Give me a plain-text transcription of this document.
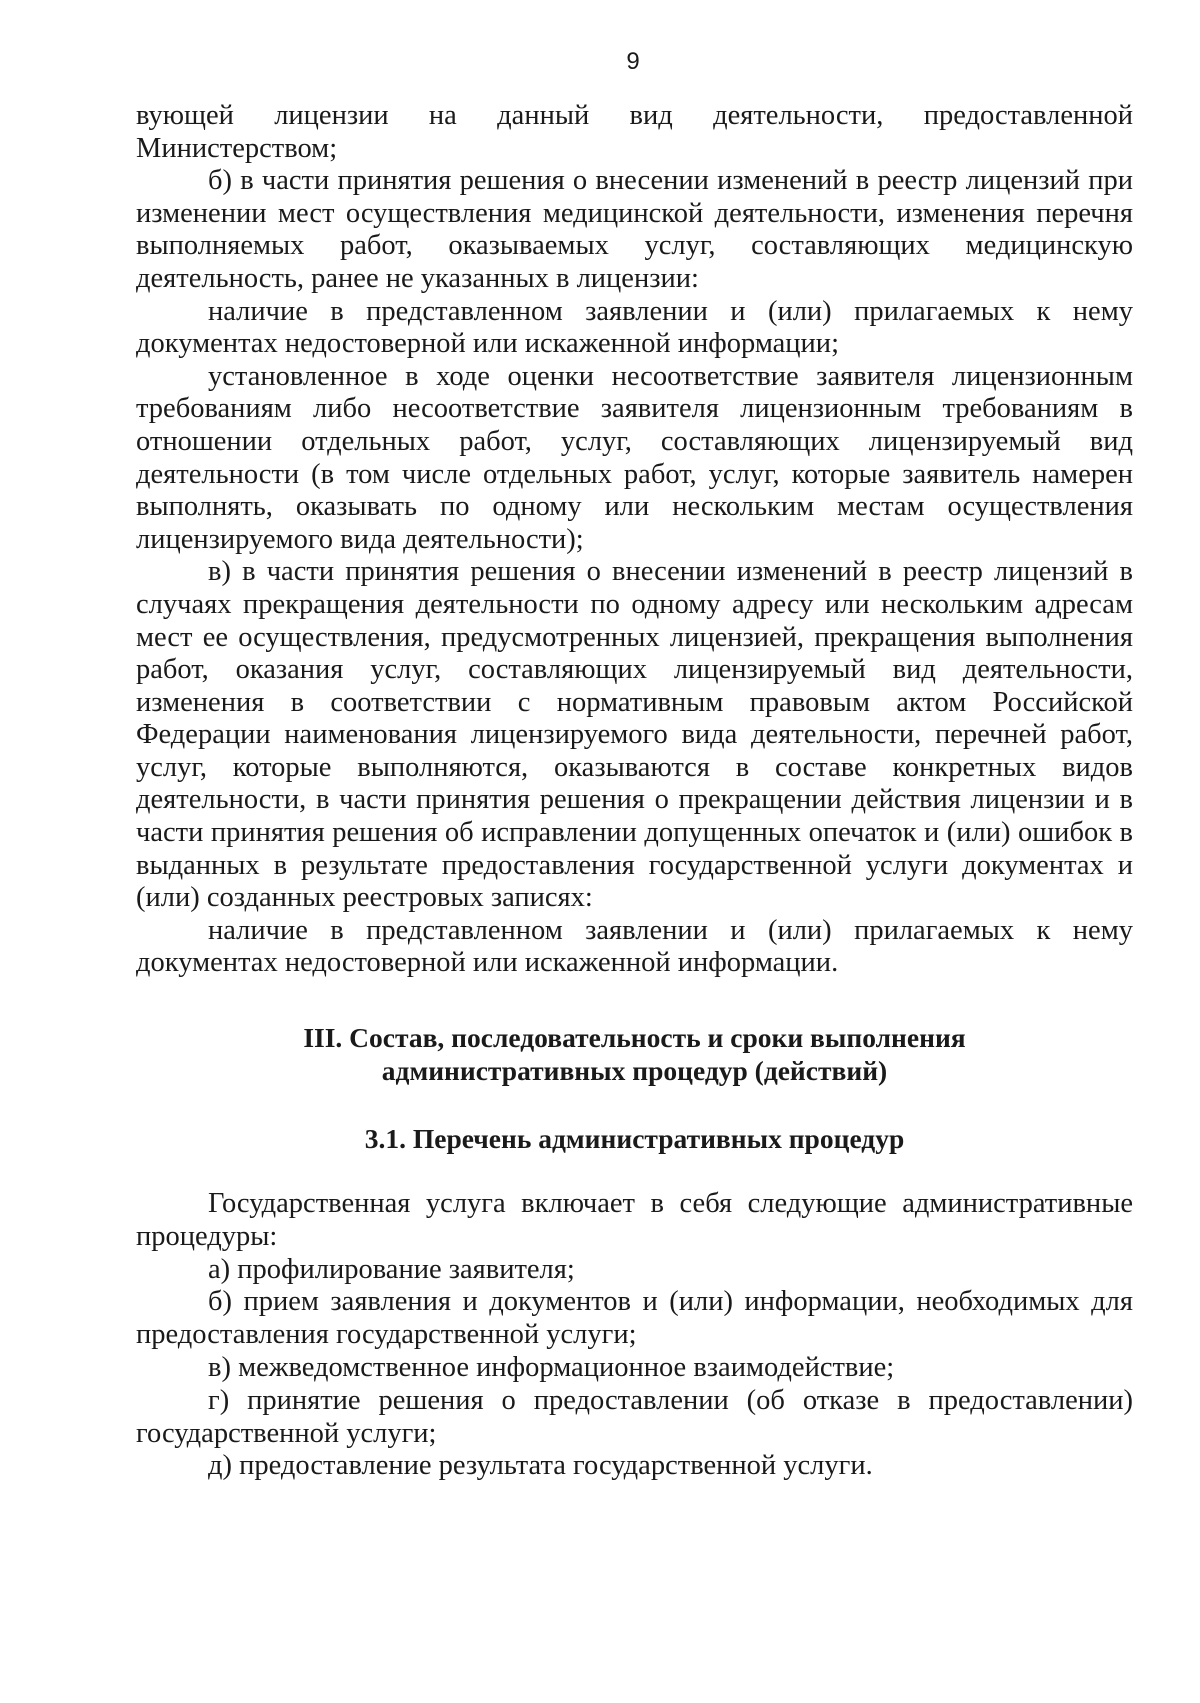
9

вующей лицензии на данный вид деятельности, предоставленной Министерством;

б) в части принятия решения о внесении изменений в реестр лицензий при изменении мест осуществления медицинской деятельности, изменения перечня выполняемых работ, оказываемых услуг, составляющих медицинскую деятельность, ранее не указанных в лицензии:

наличие в представленном заявлении и (или) прилагаемых к нему документах недостоверной или искаженной информации;

установленное в ходе оценки несоответствие заявителя лицензионным требованиям либо несоответствие заявителя лицензионным требованиям в отношении отдельных работ, услуг, составляющих лицензируемый вид деятельности (в том числе отдельных работ, услуг, которые заявитель намерен выполнять, оказывать по одному или нескольким местам осуществления лицензируемого вида деятельности);

в) в части принятия решения о внесении изменений в реестр лицензий в случаях прекращения деятельности по одному адресу или нескольким адресам мест ее осуществления, предусмотренных лицензией, прекращения выполнения работ, оказания услуг, составляющих лицензируемый вид деятельности, изменения в соответствии с нормативным правовым актом Российской Федерации наименования лицензируемого вида деятельности, перечней работ, услуг, которые выполняются, оказываются в составе конкретных видов деятельности, в части принятия решения о прекращении действия лицензии и в части принятия решения об исправлении допущенных опечаток и (или) ошибок в выданных в результате предоставления государственной услуги документах и (или) созданных реестровых записях:

наличие в представленном заявлении и (или) прилагаемых к нему документах недостоверной или искаженной информации.

III. Состав, последовательность и сроки выполнения
административных процедур (действий)
3.1. Перечень административных процедур

Государственная услуга включает в себя следующие административные процедуры:

а) профилирование заявителя;

б) прием заявления и документов и (или) информации, необходимых для предоставления государственной услуги;

в) межведомственное информационное взаимодействие;

г) принятие решения о предоставлении (об отказе в предоставлении) государственной услуги;

д) предоставление результата государственной услуги.
